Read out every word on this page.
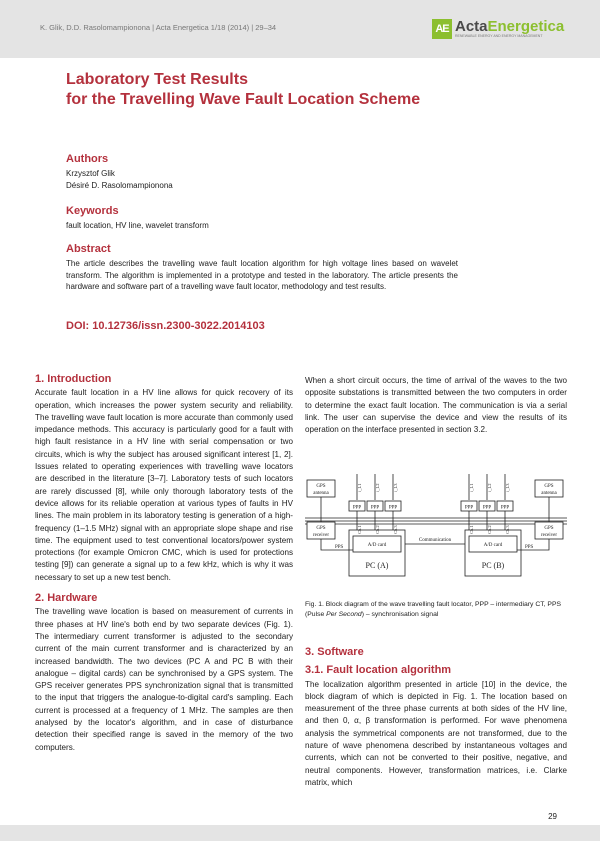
K. Glik, D.D. Rasolomampionona | Acta Energetica 1/18 (2014) | 29–34	AE ActaEnergetica
RENEWABLE ENERGY AND ENERGY MANAGEMENT
Laboratory Test Results
for the Travelling Wave Fault Location Scheme
Authors
Krzysztof Glik
Désiré D. Rasolomampionona
Keywords
fault location, HV line, wavelet transform
Abstract
The article describes the travelling wave fault location algorithm for high voltage lines based on wavelet transform. The algorithm is implemented in a prototype and tested in the laboratory. The article presents the hardware and software part of a travelling wave fault locator, methodology and test results.
DOI: 10.12736/issn.2300-3022.2014103
1. Introduction
Accurate fault location in a HV line allows for quick recovery of its operation, which increases the power system security and reliability. The travelling wave fault location is more accurate than commonly used impedance methods. This accuracy is particularly good for a fault with high fault resistance in a HV line with serial compensation or two circuits, which is why the subject has aroused significant interest [1, 2]. Issues related to operating experiences with travelling wave locators are described in the literature [3–7]. Laboratory tests of such locators are rarely discussed [8], while only thorough laboratory tests of the device allows for its reliable operation at various types of faults in HV lines. The main problem in its laboratory testing is generation of a high-frequency (1–1.5 MHz) signal with an appropriate slope shape and rise time. The equipment used to test conventional locators/power system protections (for example Omicron CMC, which is used for protections testing [9]) can generate a signal up to a few kHz, which is why it was necessary to set up a new test bench.
2. Hardware
The travelling wave location is based on measurement of currents in three phases at HV line's both end by two separate devices (Fig. 1). The intermediary current transformer is adjusted to the secondary current of the main current transformer and is characterized by an increased bandwidth. The two devices (PC A and PC B with their analogue – digital cards) can be synchronised by a GPS system. The GPS receiver generates PPS synchronization signal that is transmitted to the input that triggers the analogue-to-digital card's sampling. Each current is processed at a frequency of 1 MHz. The samples are then analysed by the locator's algorithm, and in case of disturbance detection their specified range is saved in the memory of the two computers.
When a short circuit occurs, the time of arrival of the waves to the two opposite substations is transmitted between the two computers in order to determine the exact fault location. The communication is via a serial link. The user can supervise the device and view the results of its operation on the interface presented in section 3.2.
GPS
antenna
GPS
antenna
GPS
receiver
GPS
receiver
PPP PPP PPP	PPP PPP PPP
PPS	PPS
A/D card	A/D card
Communication
PC (A)	PC (B)
i_L1	i_L2	i_L3	i_L1	i_L2	i_L3
Ch.1	Ch.2	Ch.3	Ch.1	Ch.2	Ch.3
Fig. 1. Block diagram of the wave travelling fault locator, PPP – intermediary CT, PPS (Pulse Per Second) – synchronisation signal
3. Software
3.1. Fault location algorithm
The localization algorithm presented in article [10] in the device, the block diagram of which is depicted in Fig. 1. The location based on measurement of the three phase currents at both sides of the HV line, and then 0, α, β transformation is performed. For wave phenomena analysis the symmetrical components are not transformed, due to the nature of wave phenomena described by instantaneous voltages and currents, which can not be converted to their positive, negative, and neutral components. However, transformation matrices, i.e. Clarke matrix, which
29
